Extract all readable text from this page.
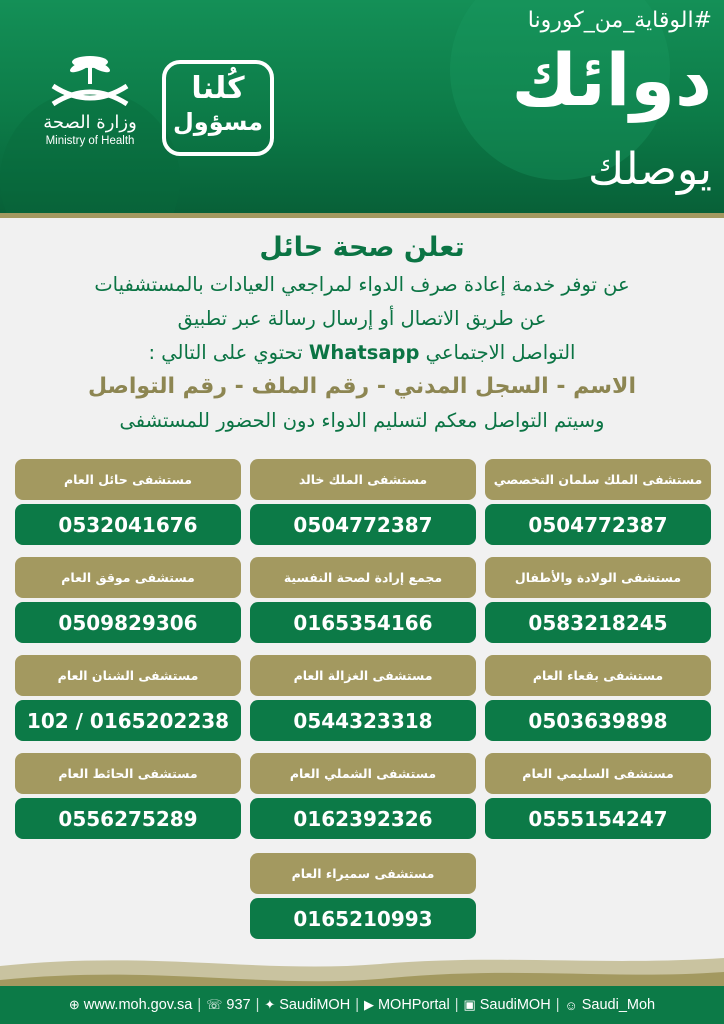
#الوقاية_من_كورونا
دوائك
يوصلك
كُلنا
مسؤول
وزارة الصحة
Ministry of Health
تعلن صحة حائل
عن توفر خدمة إعادة صرف الدواء لمراجعي العيادات بالمستشفيات
عن طريق الاتصال أو إرسال رسالة عبر تطبيق
التواصل الاجتماعي Whatsapp تحتوي على التالي :
الاسم - السجل المدني - رقم الملف - رقم التواصل
وسيتم التواصل معكم لتسليم الدواء دون الحضور للمستشفى
مستشفى الملك سلمان التخصصي
0504772387
مستشفى الملك خالد
0504772387
مستشفى حائل العام
0532041676
مستشفى الولادة والأطفال
0583218245
مجمع إرادة لصحة النفسية
0165354166
مستشفى موقق العام
0509829306
مستشفى بقعاء العام
0503639898
مستشفى الغزالة العام
0544323318
مستشفى الشنان العام
102 / 0165202238
مستشفى السليمي العام
0555154247
مستشفى الشملي العام
0162392326
مستشفى الحائط العام
0556275289
مستشفى سميراء العام
0165210993
⊕ www.moh.gov.sa | ☏ 937 | ✦ SaudiMOH | ▶ MOHPortal | ▣ SaudiMOH | ☺ Saudi_Moh
